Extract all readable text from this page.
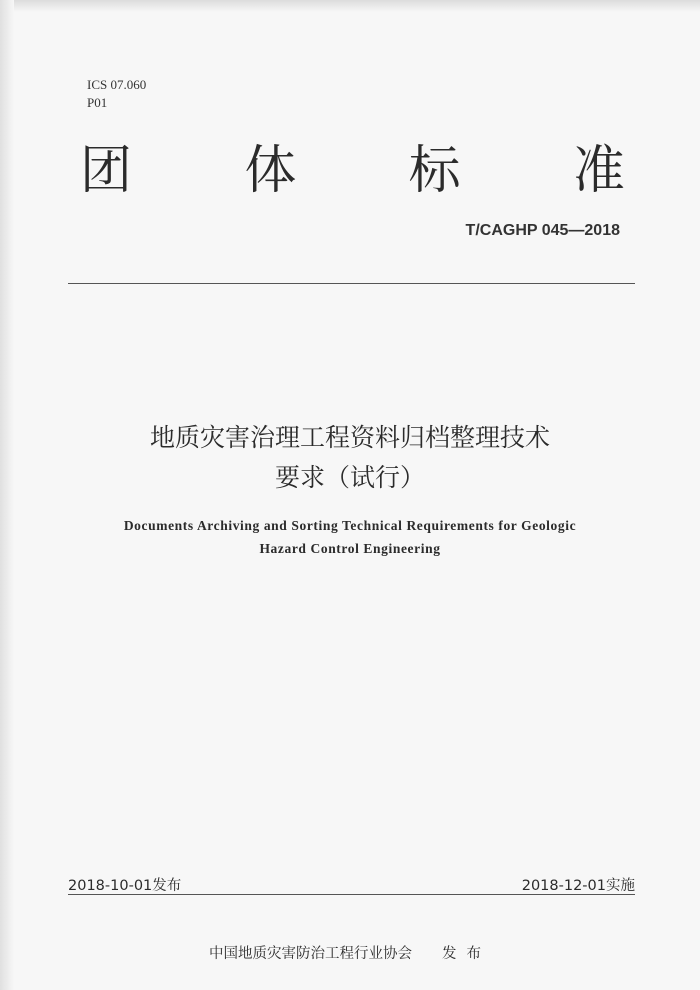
ICS 07.060
P01
团 体 标 准
T/CAGHP 045—2018
地质灾害治理工程资料归档整理技术
要求（试行）
Documents Archiving and Sorting Technical Requirements for Geologic
Hazard Control Engineering
2018-10-01发布	2018-12-01实施
中国地质灾害防治工程行业协会 发布
